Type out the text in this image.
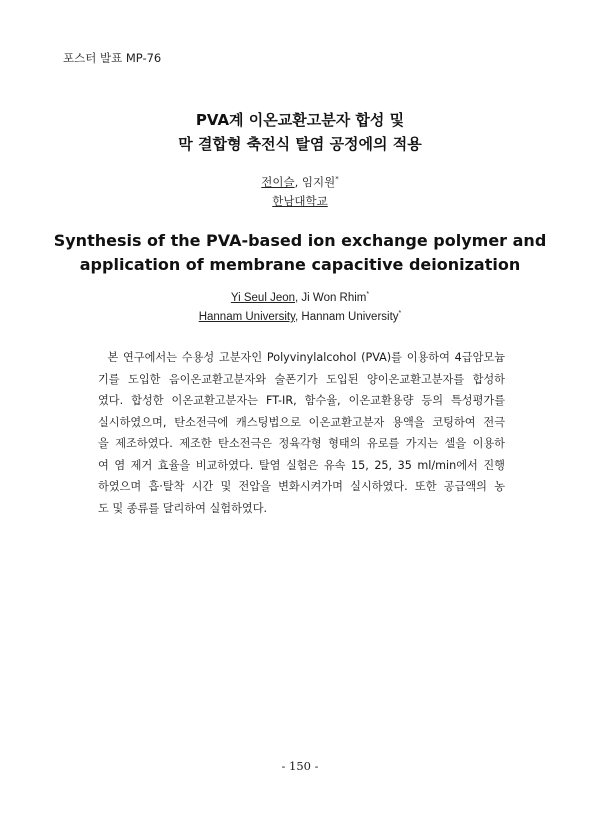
포스터 발표 MP-76
PVA계 이온교환고분자 합성 및
막 결합형 축전식 탈염 공정에의 적용
전이슬, 임지원*
한남대학교
Synthesis of the PVA-based ion exchange polymer and
application of membrane capacitive deionization
Yi Seul Jeon, Ji Won Rhim*
Hannam University, Hannam University*
본 연구에서는 수용성 고분자인 Polyvinylalcohol (PVA)를 이용하여 4급암모늄
기를 도입한 음이온교환고분자와 술폰기가 도입된 양이온교환고분자를 합성하
였다. 합성한 이온교환고분자는 FT-IR, 함수율, 이온교환용량 등의 특성평가를
실시하였으며, 탄소전극에 캐스팅법으로 이온교환고분자 용액을 코팅하여 전극
을 제조하였다. 제조한 탄소전극은 정육각형 형태의 유로를 가지는 셀을 이용하
여 염 제거 효율을 비교하였다. 탈염 실험은 유속 15, 25, 35 ml/min에서 진행
하였으며 흡·탈착 시간 및 전압을 변화시켜가며 실시하였다. 또한 공급액의 농
도 및 종류를 달리하여 실험하였다.
- 150 -
